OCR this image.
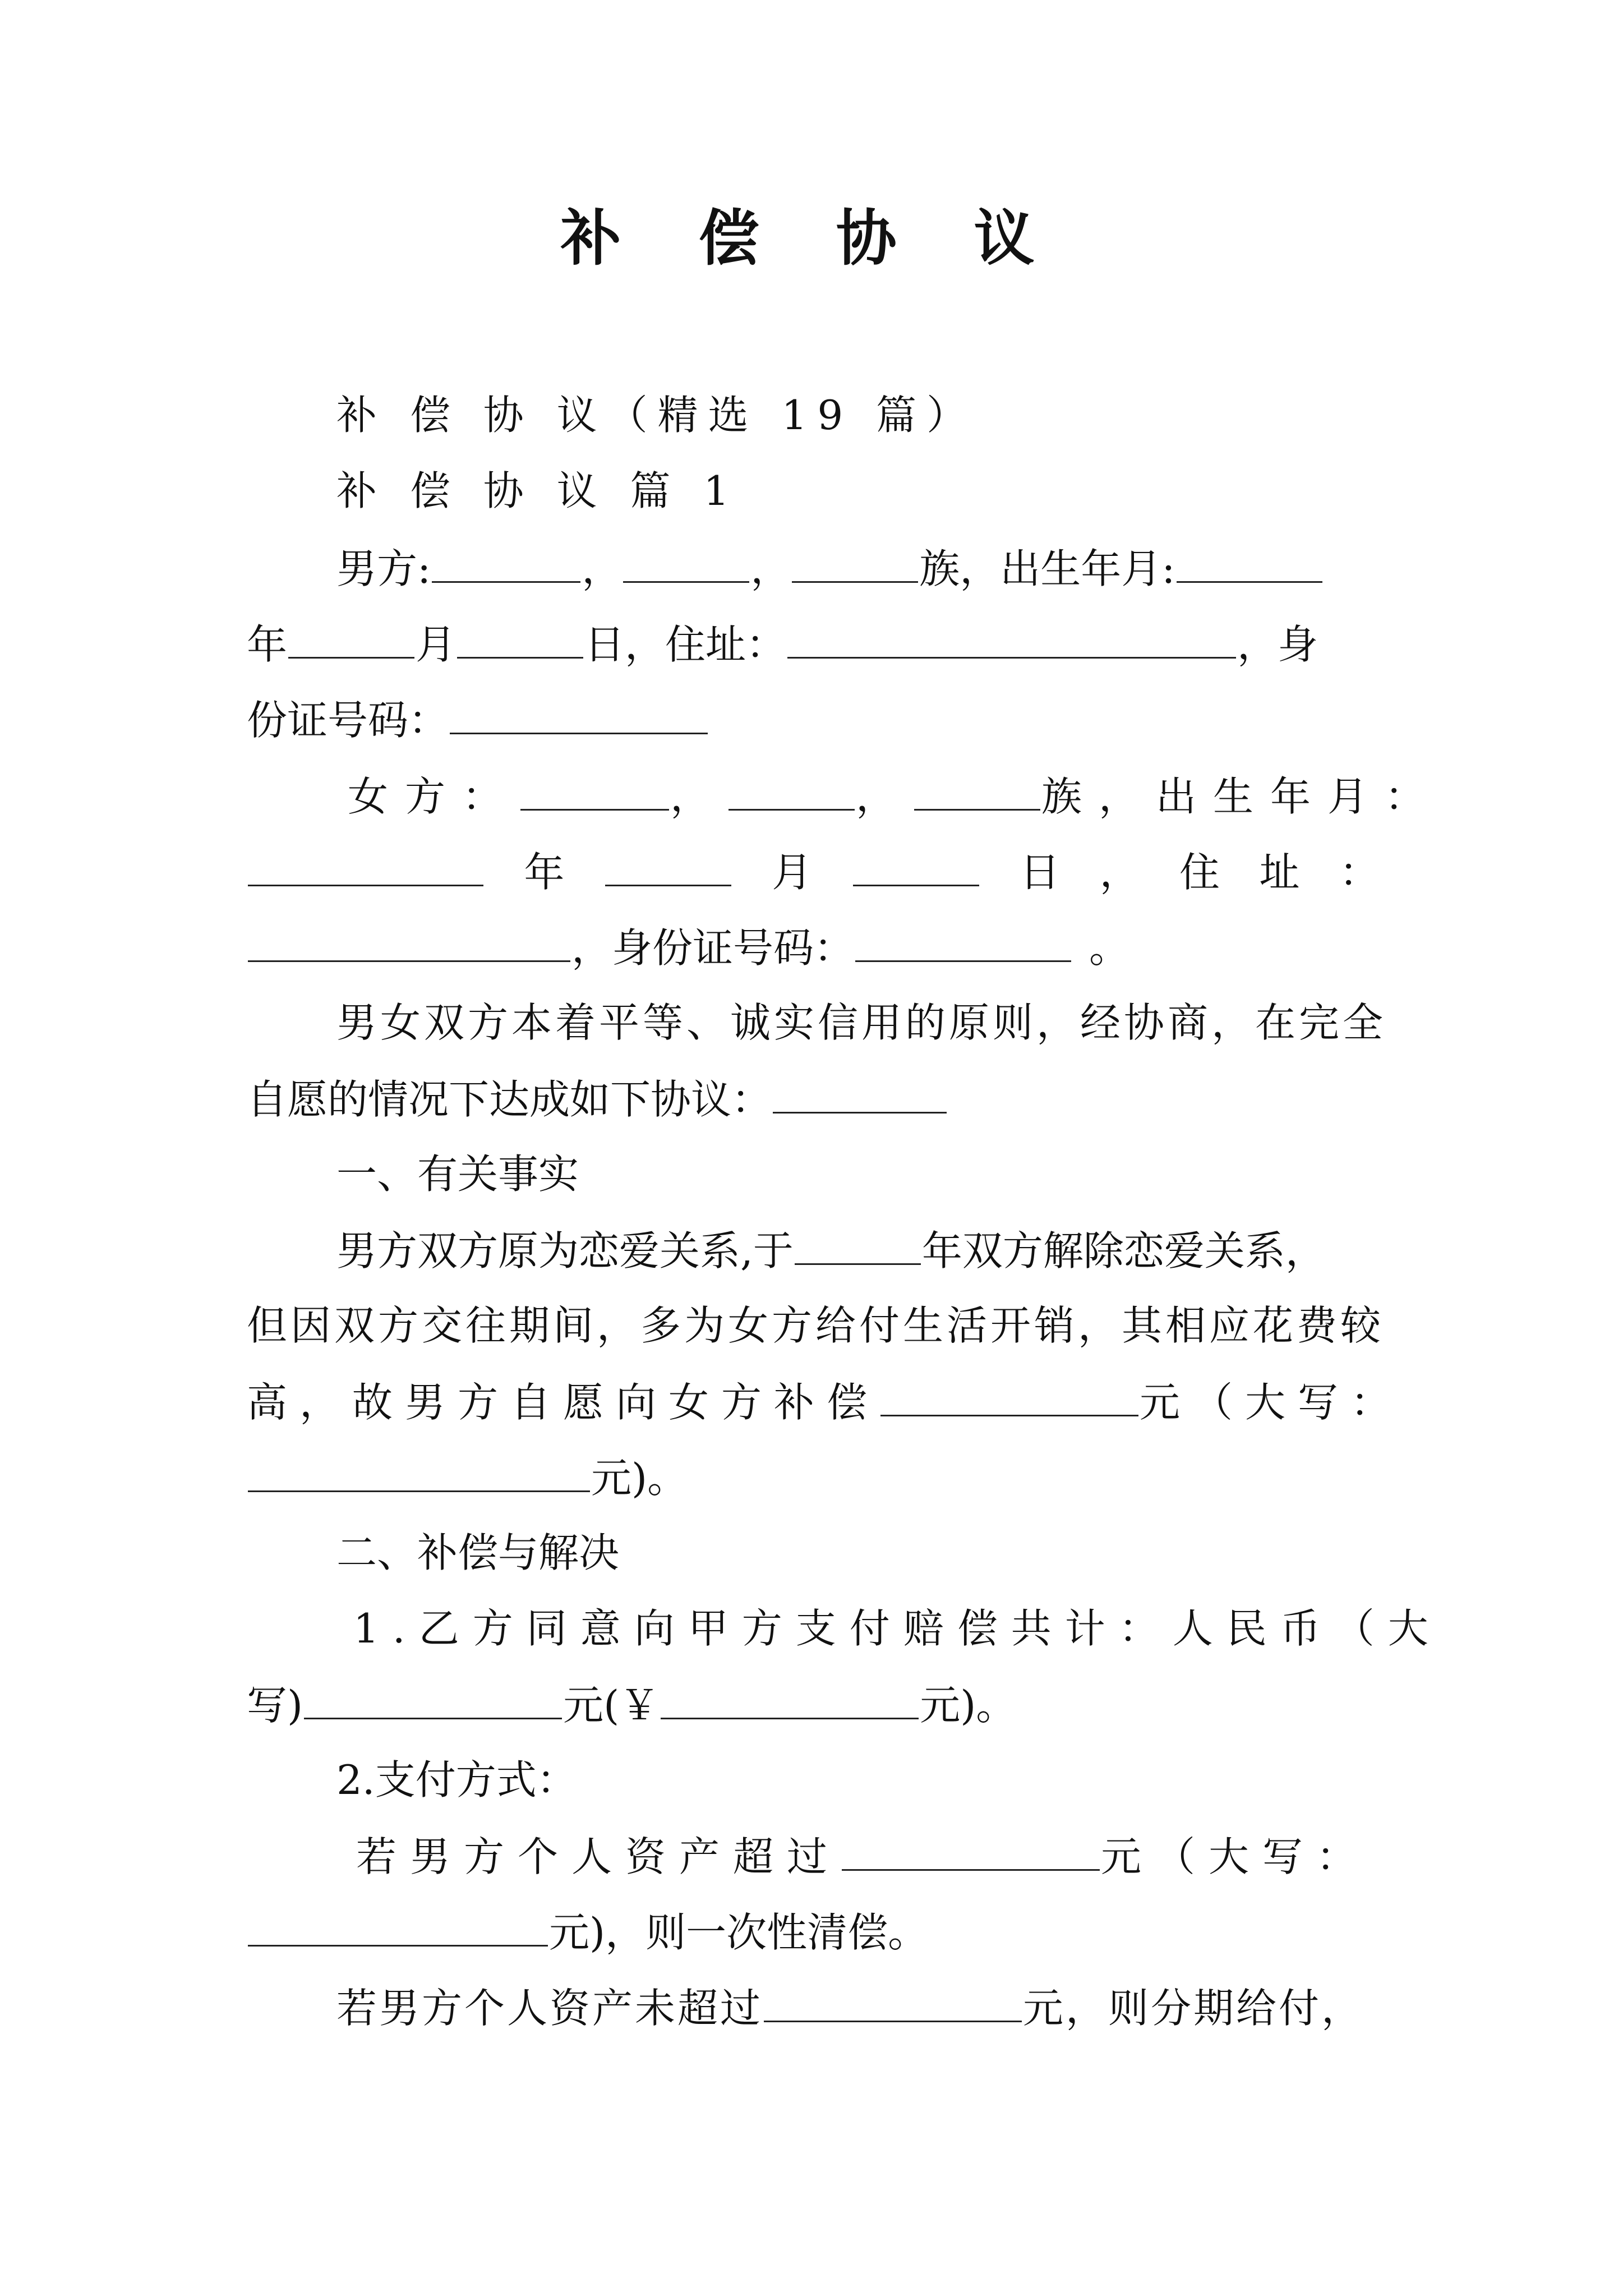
补 偿 协 议
补 偿 协 议（精选 19 篇）
补 偿 协 议 篇 1
男方:	，	，	族，出生年月:
年	月	日，住址：	，身
份证号码：
女方：	，	，	族，出生年月：
年	月	日 ， 住 址 ：
，身份证号码：	。
男女双方本着平等、诚实信用的原则，经协商，在完全
自愿的情况下达成如下协议：
一、有关事实
男方双方原为恋爱关系,于	年双方解除恋爱关系，
但因双方交往期间，多为女方给付生活开销，其相应花费较
高，故男方自愿向女方补偿	元（大写：
元)。
二、补偿与解决
1.乙方同意向甲方支付赔偿共计：人民币（大
写)	元(￥	元)。
2.支付方式：
若男方个人资产超过	元（大写：
元)，则一次性清偿。
若男方个人资产未超过	元，则分期给付，
